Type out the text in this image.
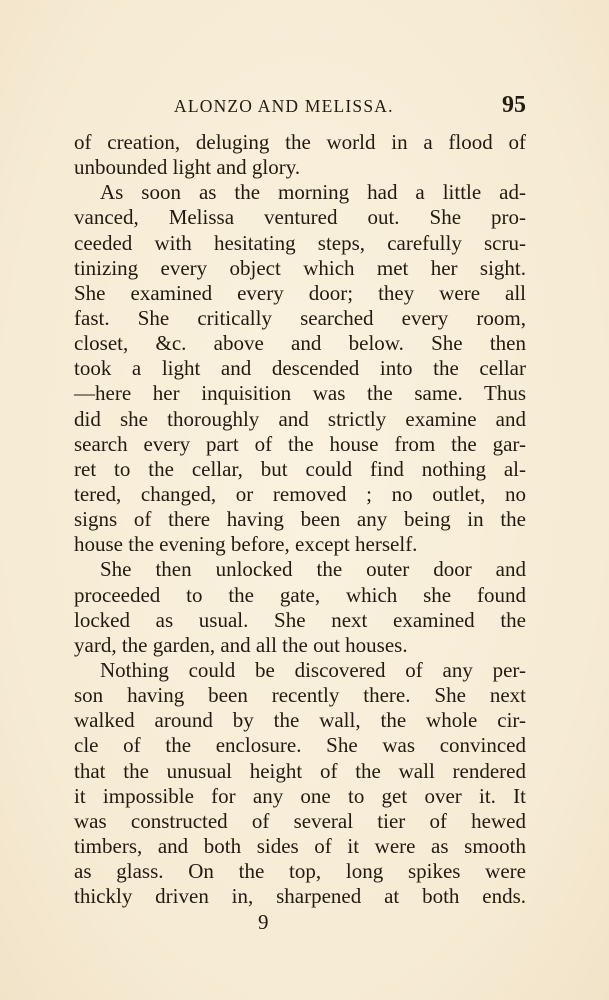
ALONZO AND MELISSA.	95
of creation, deluging the world in a flood of
unbounded light and glory.
As soon as the morning had a little ad-
vanced, Melissa ventured out. She pro-
ceeded with hesitating steps, carefully scru-
tinizing every object which met her sight.
She examined every door; they were all
fast. She critically searched every room,
closet, &c. above and below. She then
took a light and descended into the cellar
—here her inquisition was the same. Thus
did she thoroughly and strictly examine and
search every part of the house from the gar-
ret to the cellar, but could find nothing al-
tered, changed, or removed ; no outlet, no
signs of there having been any being in the
house the evening before, except herself.
She then unlocked the outer door and
proceeded to the gate, which she found
locked as usual. She next examined the
yard, the garden, and all the out houses.
Nothing could be discovered of any per-
son having been recently there. She next
walked around by the wall, the whole cir-
cle of the enclosure. She was convinced
that the unusual height of the wall rendered
it impossible for any one to get over it. It
was constructed of several tier of hewed
timbers, and both sides of it were as smooth
as glass. On the top, long spikes were
thickly driven in, sharpened at both ends.
9
